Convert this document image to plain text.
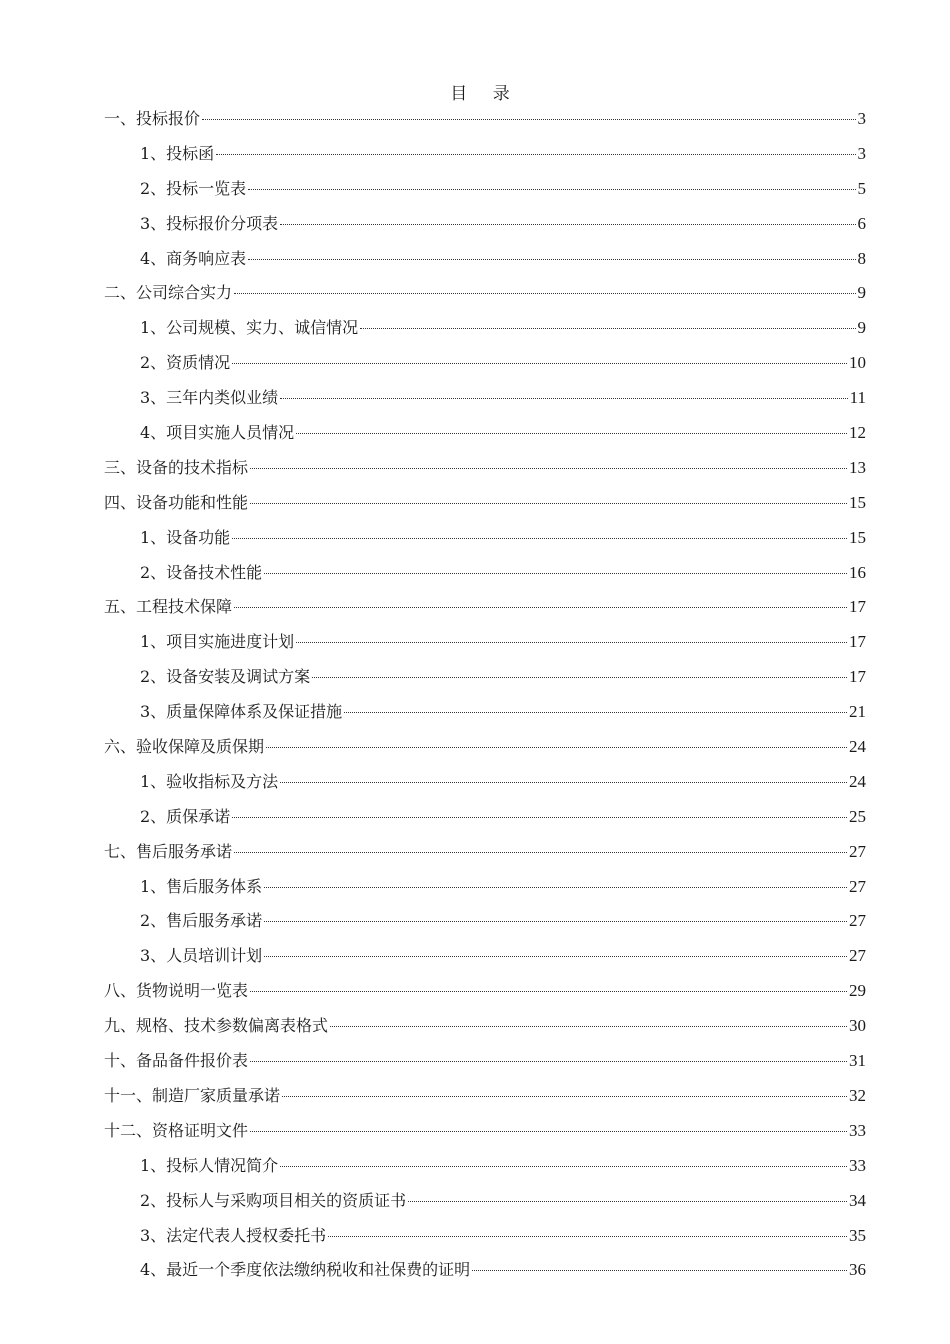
目 录
一、投标报价	3
1、投标函	3
2、投标一览表	5
3、投标报价分项表	6
4、商务响应表	8
二、公司综合实力	9
1、公司规模、实力、诚信情况	9
2、资质情况	10
3、三年内类似业绩	11
4、项目实施人员情况	12
三、设备的技术指标	13
四、设备功能和性能	15
1、设备功能	15
2、设备技术性能	16
五、工程技术保障	17
1、项目实施进度计划	17
2、设备安装及调试方案	17
3、质量保障体系及保证措施	21
六、验收保障及质保期	24
1、验收指标及方法	24
2、质保承诺	25
七、售后服务承诺	27
1、售后服务体系	27
2、售后服务承诺	27
3、人员培训计划	27
八、货物说明一览表	29
九、规格、技术参数偏离表格式	30
十、备品备件报价表	31
十一、制造厂家质量承诺	32
十二、资格证明文件	33
1、投标人情况简介	33
2、投标人与采购项目相关的资质证书	34
3、法定代表人授权委托书	35
4、最近一个季度依法缴纳税收和社保费的证明	36
